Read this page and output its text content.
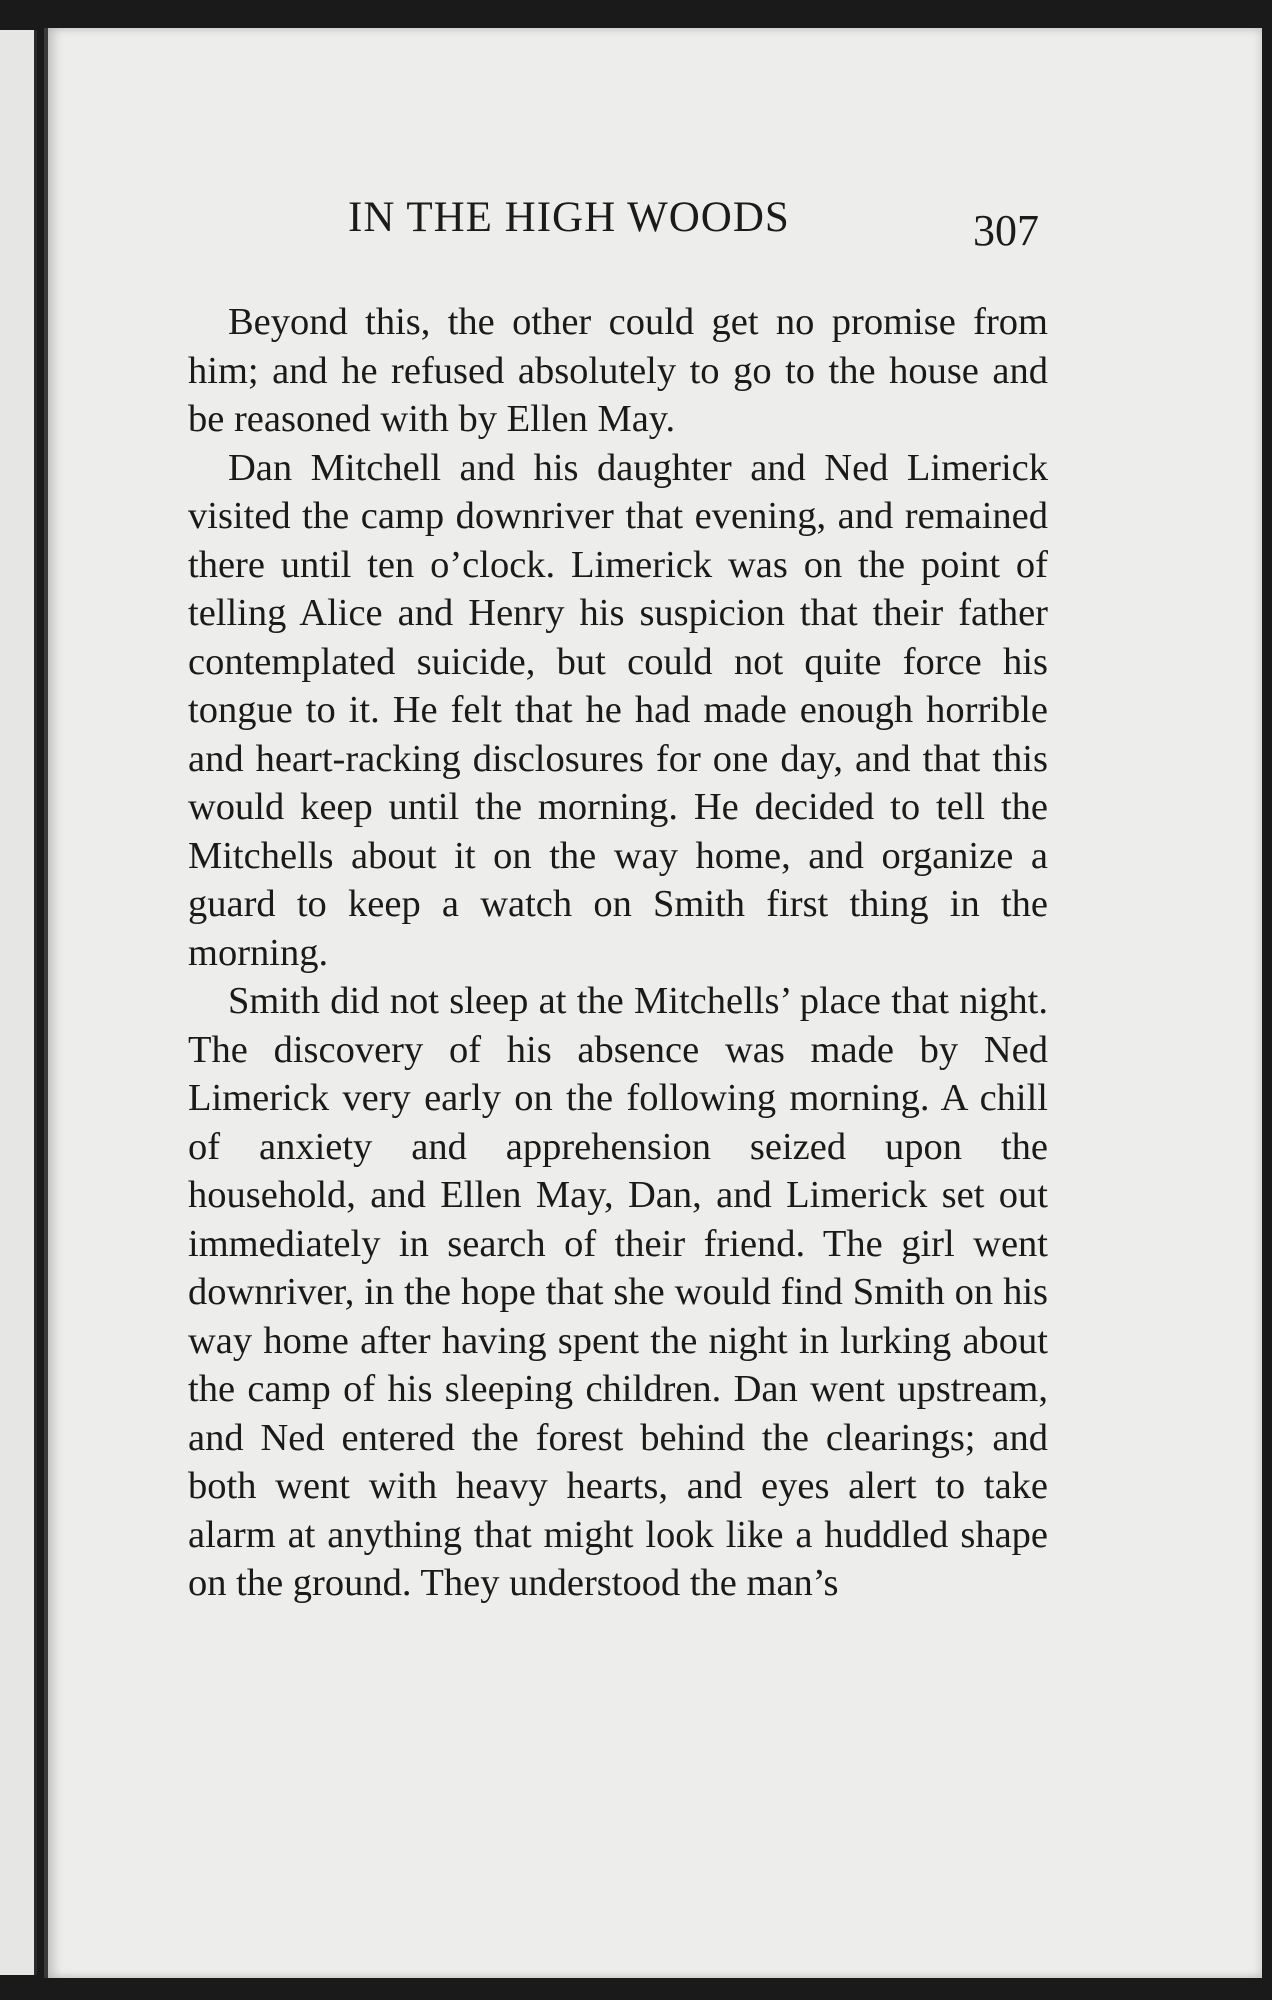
IN THE HIGH WOODS	307

Beyond this, the other could get no promise from him; and he refused absolutely to go to the house and be reasoned with by Ellen May.

Dan Mitchell and his daughter and Ned Limerick visited the camp downriver that evening, and remained there until ten o’clock. Limerick was on the point of telling Alice and Henry his suspicion that their father contemplated suicide, but could not quite force his tongue to it. He felt that he had made enough horrible and heart-racking disclosures for one day, and that this would keep until the morning. He decided to tell the Mitchells about it on the way home, and organize a guard to keep a watch on Smith first thing in the morning.

Smith did not sleep at the Mitchells’ place that night. The discovery of his absence was made by Ned Limerick very early on the following morning. A chill of anxiety and apprehension seized upon the household, and Ellen May, Dan, and Limerick set out immediately in search of their friend. The girl went downriver, in the hope that she would find Smith on his way home after having spent the night in lurking about the camp of his sleeping children. Dan went upstream, and Ned entered the forest behind the clearings; and both went with heavy hearts, and eyes alert to take alarm at anything that might look like a huddled shape on the ground. They understood the man’s
